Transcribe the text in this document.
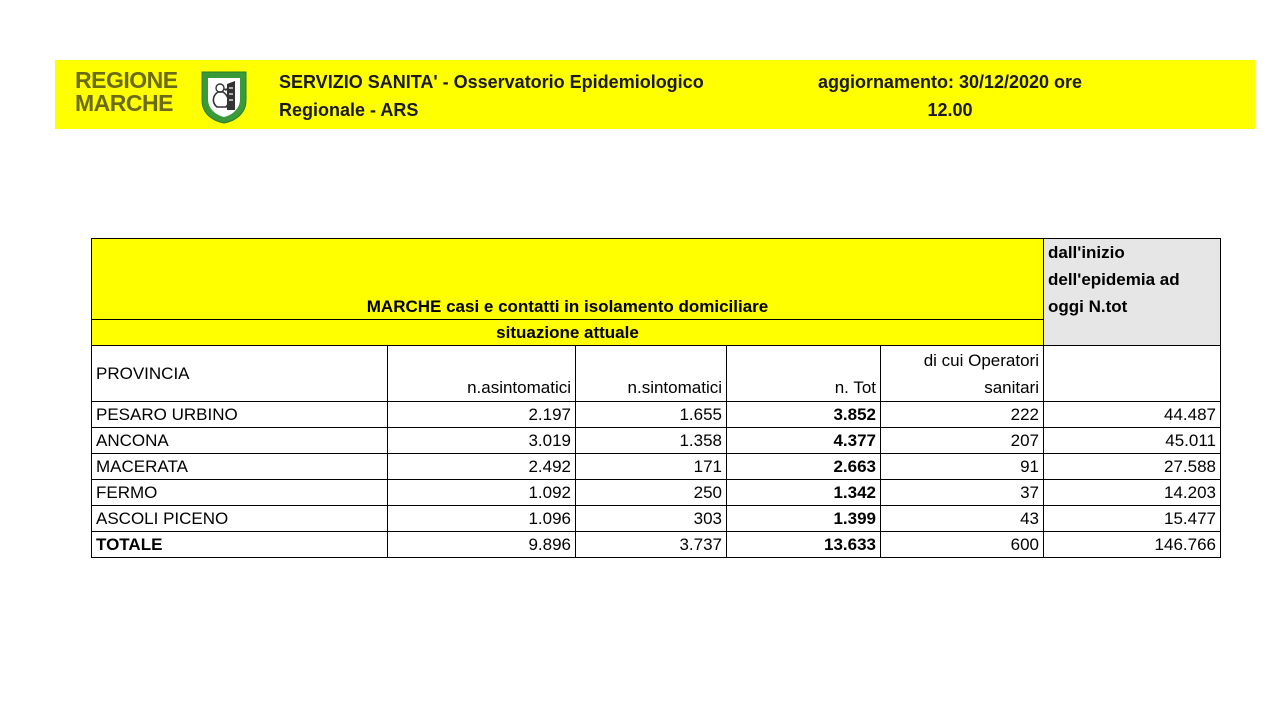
REGIONE
MARCHE
SERVIZIO SANITA' - Osservatorio Epidemiologico
Regionale - ARS
aggiornamento: 30/12/2020 ore
12.00
MARCHE casi e contatti in isolamento domiciliare					dall'inizio dell'epidemia ad oggi N.tot
situazione attuale					
PROVINCIA	n.asintomatici	n.sintomatici	n. Tot	di cui Operatori
sanitari	
PESARO URBINO	2.197	1.655	3.852	222	44.487
ANCONA	3.019	1.358	4.377	207	45.011
MACERATA	2.492	171	2.663	91	27.588
FERMO	1.092	250	1.342	37	14.203
ASCOLI PICENO	1.096	303	1.399	43	15.477
TOTALE	9.896	3.737	13.633	600	146.766
